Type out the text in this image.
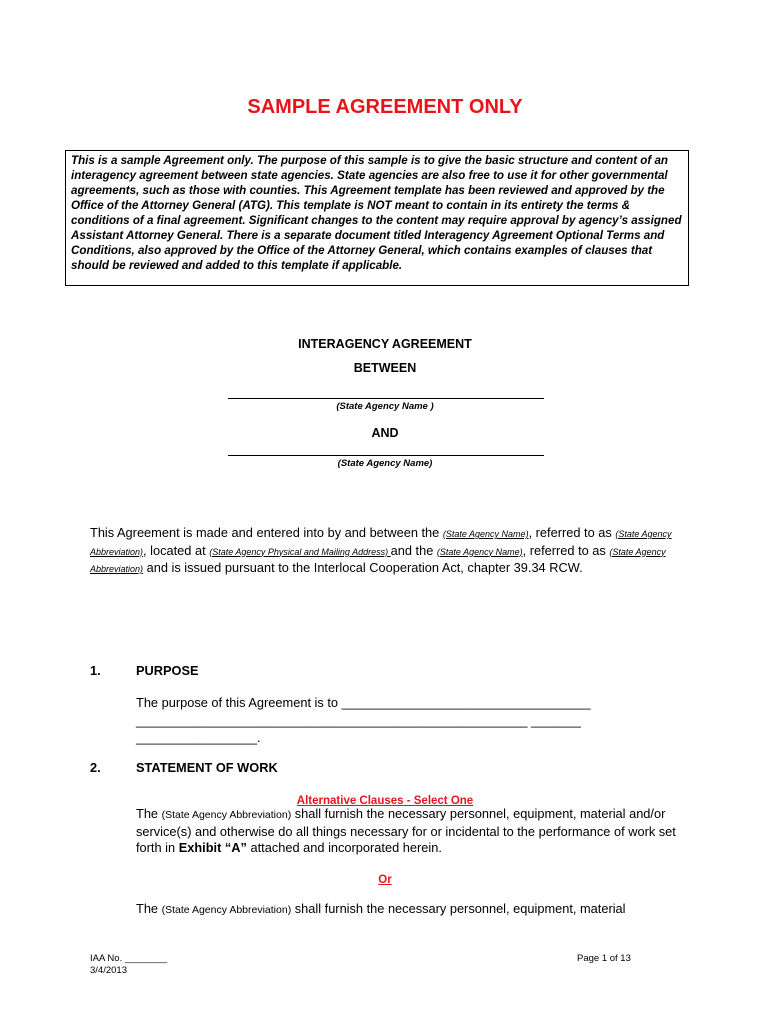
SAMPLE AGREEMENT ONLY
This is a sample Agreement only. The purpose of this sample is to give the basic structure and content of an interagency agreement between state agencies. State agencies are also free to use it for other governmental agreements, such as those with counties. This Agreement template has been reviewed and approved by the Office of the Attorney General (ATG). This template is NOT meant to contain in its entirety the terms & conditions of a final agreement. Significant changes to the content may require approval by agency’s assigned Assistant Attorney General. There is a separate document titled Interagency Agreement Optional Terms and Conditions, also approved by the Office of the Attorney General, which contains examples of clauses that should be reviewed and added to this template if applicable.
INTERAGENCY AGREEMENT
BETWEEN
(State Agency Name )
AND
(State Agency Name)
This Agreement is made and entered into by and between the (State Agency Name), referred to as (State Agency Abbreviation), located at (State Agency Physical and Mailing Address) and the (State Agency Name), referred to as (State Agency Abbreviation) and is issued pursuant to the Interlocal Cooperation Act, chapter 39.34 RCW.
1.	PURPOSE
The purpose of this Agreement is to ___________________________________
_______________________________________________________ _______
_________________.
2.	STATEMENT OF WORK
Alternative Clauses - Select One
The (State Agency Abbreviation) shall furnish the necessary personnel, equipment, material and/or service(s) and otherwise do all things necessary for or incidental to the performance of work set forth in Exhibit “A” attached and incorporated herein.
Or
The (State Agency Abbreviation) shall furnish the necessary personnel, equipment, material
IAA No. ________
3/4/2013
Page 1 of 13
